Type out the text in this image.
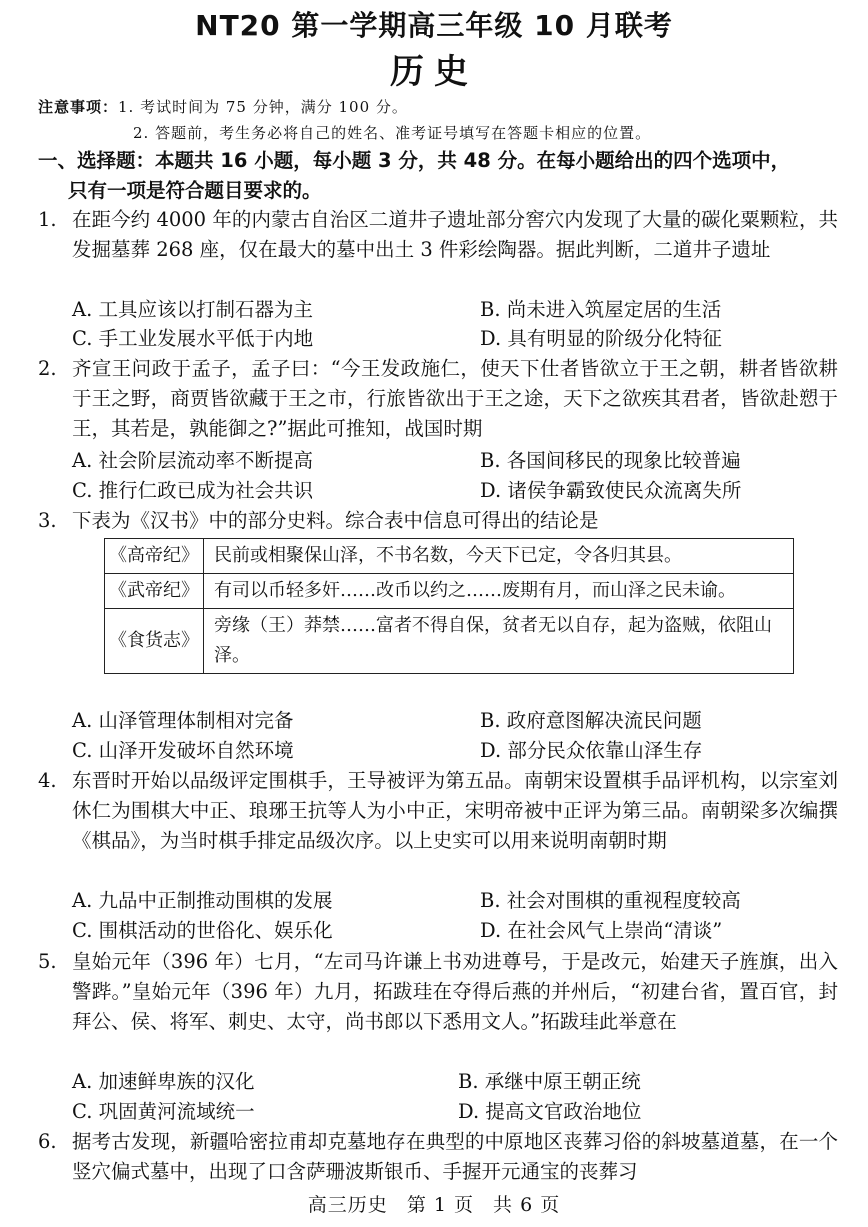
NT20 第一学期高三年级 10 月联考
历史
注意事项：1. 考试时间为 75 分钟，满分 100 分。
2. 答题前，考生务必将自己的姓名、准考证号填写在答题卡相应的位置。
一、选择题：本题共 16 小题，每小题 3 分，共 48 分。在每小题给出的四个选项中，
只有一项是符合题目要求的。
1. 在距今约 4000 年的内蒙古自治区二道井子遗址部分窖穴内发现了大量的碳化粟颗粒，共发掘墓葬 268 座，仅在最大的墓中出土 3 件彩绘陶器。据此判断，二道井子遗址
A. 工具应该以打制石器为主	B. 尚未进入筑屋定居的生活
C. 手工业发展水平低于内地	D. 具有明显的阶级分化特征
2. 齐宣王问政于孟子，孟子曰：“今王发政施仁，使天下仕者皆欲立于王之朝，耕者皆欲耕于王之野，商贾皆欲藏于王之市，行旅皆欲出于王之途，天下之欲疾其君者，皆欲赴愬于王，其若是，孰能御之?”据此可推知，战国时期
A. 社会阶层流动率不断提高	B. 各国间移民的现象比较普遍
C. 推行仁政已成为社会共识	D. 诸侯争霸致使民众流离失所
3. 下表为《汉书》中的部分史料。综合表中信息可得出的结论是
《高帝纪》	民前或相聚保山泽，不书名数，今天下已定，令各归其县。
《武帝纪》	有司以币轻多奸……改币以约之……废期有月，而山泽之民未谕。
《食货志》	旁缘（王）莽禁……富者不得自保，贫者无以自存，起为盗贼，依阻山泽。
A. 山泽管理体制相对完备	B. 政府意图解决流民问题
C. 山泽开发破坏自然环境	D. 部分民众依靠山泽生存
4. 东晋时开始以品级评定围棋手，王导被评为第五品。南朝宋设置棋手品评机构，以宗室刘休仁为围棋大中正、琅琊王抗等人为小中正，宋明帝被中正评为第三品。南朝梁多次编撰《棋品》，为当时棋手排定品级次序。以上史实可以用来说明南朝时期
A. 九品中正制推动围棋的发展	B. 社会对围棋的重视程度较高
C. 围棋活动的世俗化、娱乐化	D. 在社会风气上崇尚“清谈”
5. 皇始元年（396 年）七月，“左司马许谦上书劝进尊号，于是改元，始建天子旌旗，出入警跸。”皇始元年（396 年）九月，拓跋珪在夺得后燕的并州后，“初建台省，置百官，封拜公、侯、将军、刺史、太守，尚书郎以下悉用文人。”拓跋珪此举意在
A. 加速鲜卑族的汉化	B. 承继中原王朝正统
C. 巩固黄河流域统一	D. 提高文官政治地位
6. 据考古发现，新疆哈密拉甫却克墓地存在典型的中原地区丧葬习俗的斜坡墓道墓，在一个竖穴偏式墓中，出现了口含萨珊波斯银币、手握开元通宝的丧葬习
高三历史 第 1 页 共 6 页
